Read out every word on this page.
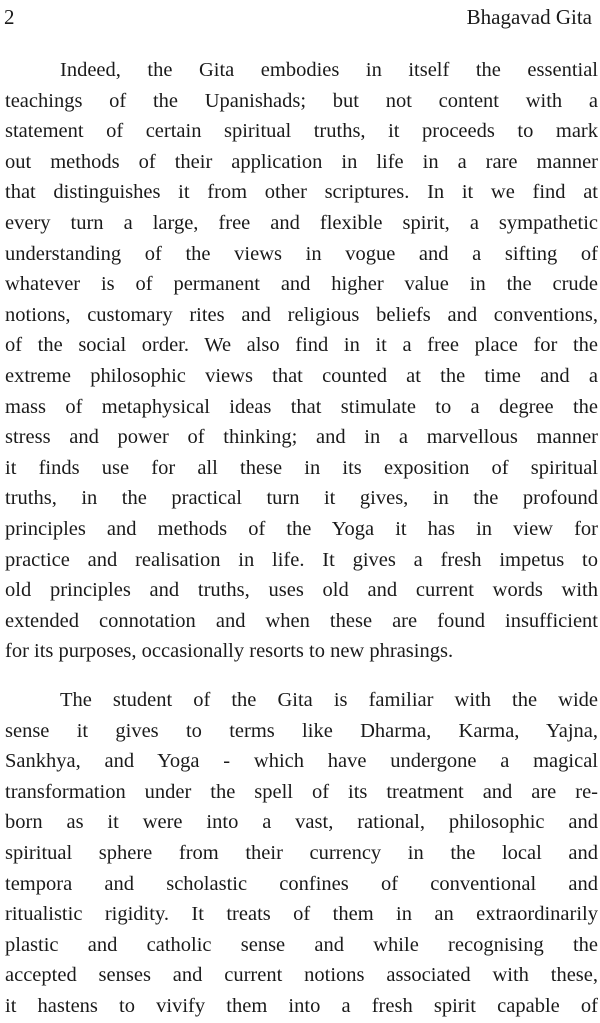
2	Bhagavad Gita
Indeed, the Gita embodies in itself the essential
teachings of the Upanishads; but not content with a
statement of certain spiritual truths, it proceeds to mark
out methods of their application in life in a rare manner
that distinguishes it from other scriptures. In it we find at
every turn a large, free and flexible spirit, a sympathetic
understanding of the views in vogue and a sifting of
whatever is of permanent and higher value in the crude
notions, customary rites and religious beliefs and conventions,
of the social order. We also find in it a free place for the
extreme philosophic views that counted at the time and a
mass of metaphysical ideas that stimulate to a degree the
stress and power of thinking; and in a marvellous manner
it finds use for all these in its exposition of spiritual
truths, in the practical turn it gives, in the profound
principles and methods of the Yoga it has in view for
practice and realisation in life. It gives a fresh impetus to
old principles and truths, uses old and current words with
extended connotation and when these are found insufficient
for its purposes, occasionally resorts to new phrasings.
The student of the Gita is familiar with the wide
sense it gives to terms like Dharma, Karma, Yajna,
Sankhya, and Yoga - which have undergone a magical
transformation under the spell of its treatment and are re-
born as it were into a vast, rational, philosophic and
spiritual sphere from their currency in the local and
tempora and scholastic confines of conventional and
ritualistic rigidity. It treats of them in an extraordinarily
plastic and catholic sense and while recognising the
accepted senses and current notions associated with these,
it hastens to vivify them into a fresh spirit capable of
